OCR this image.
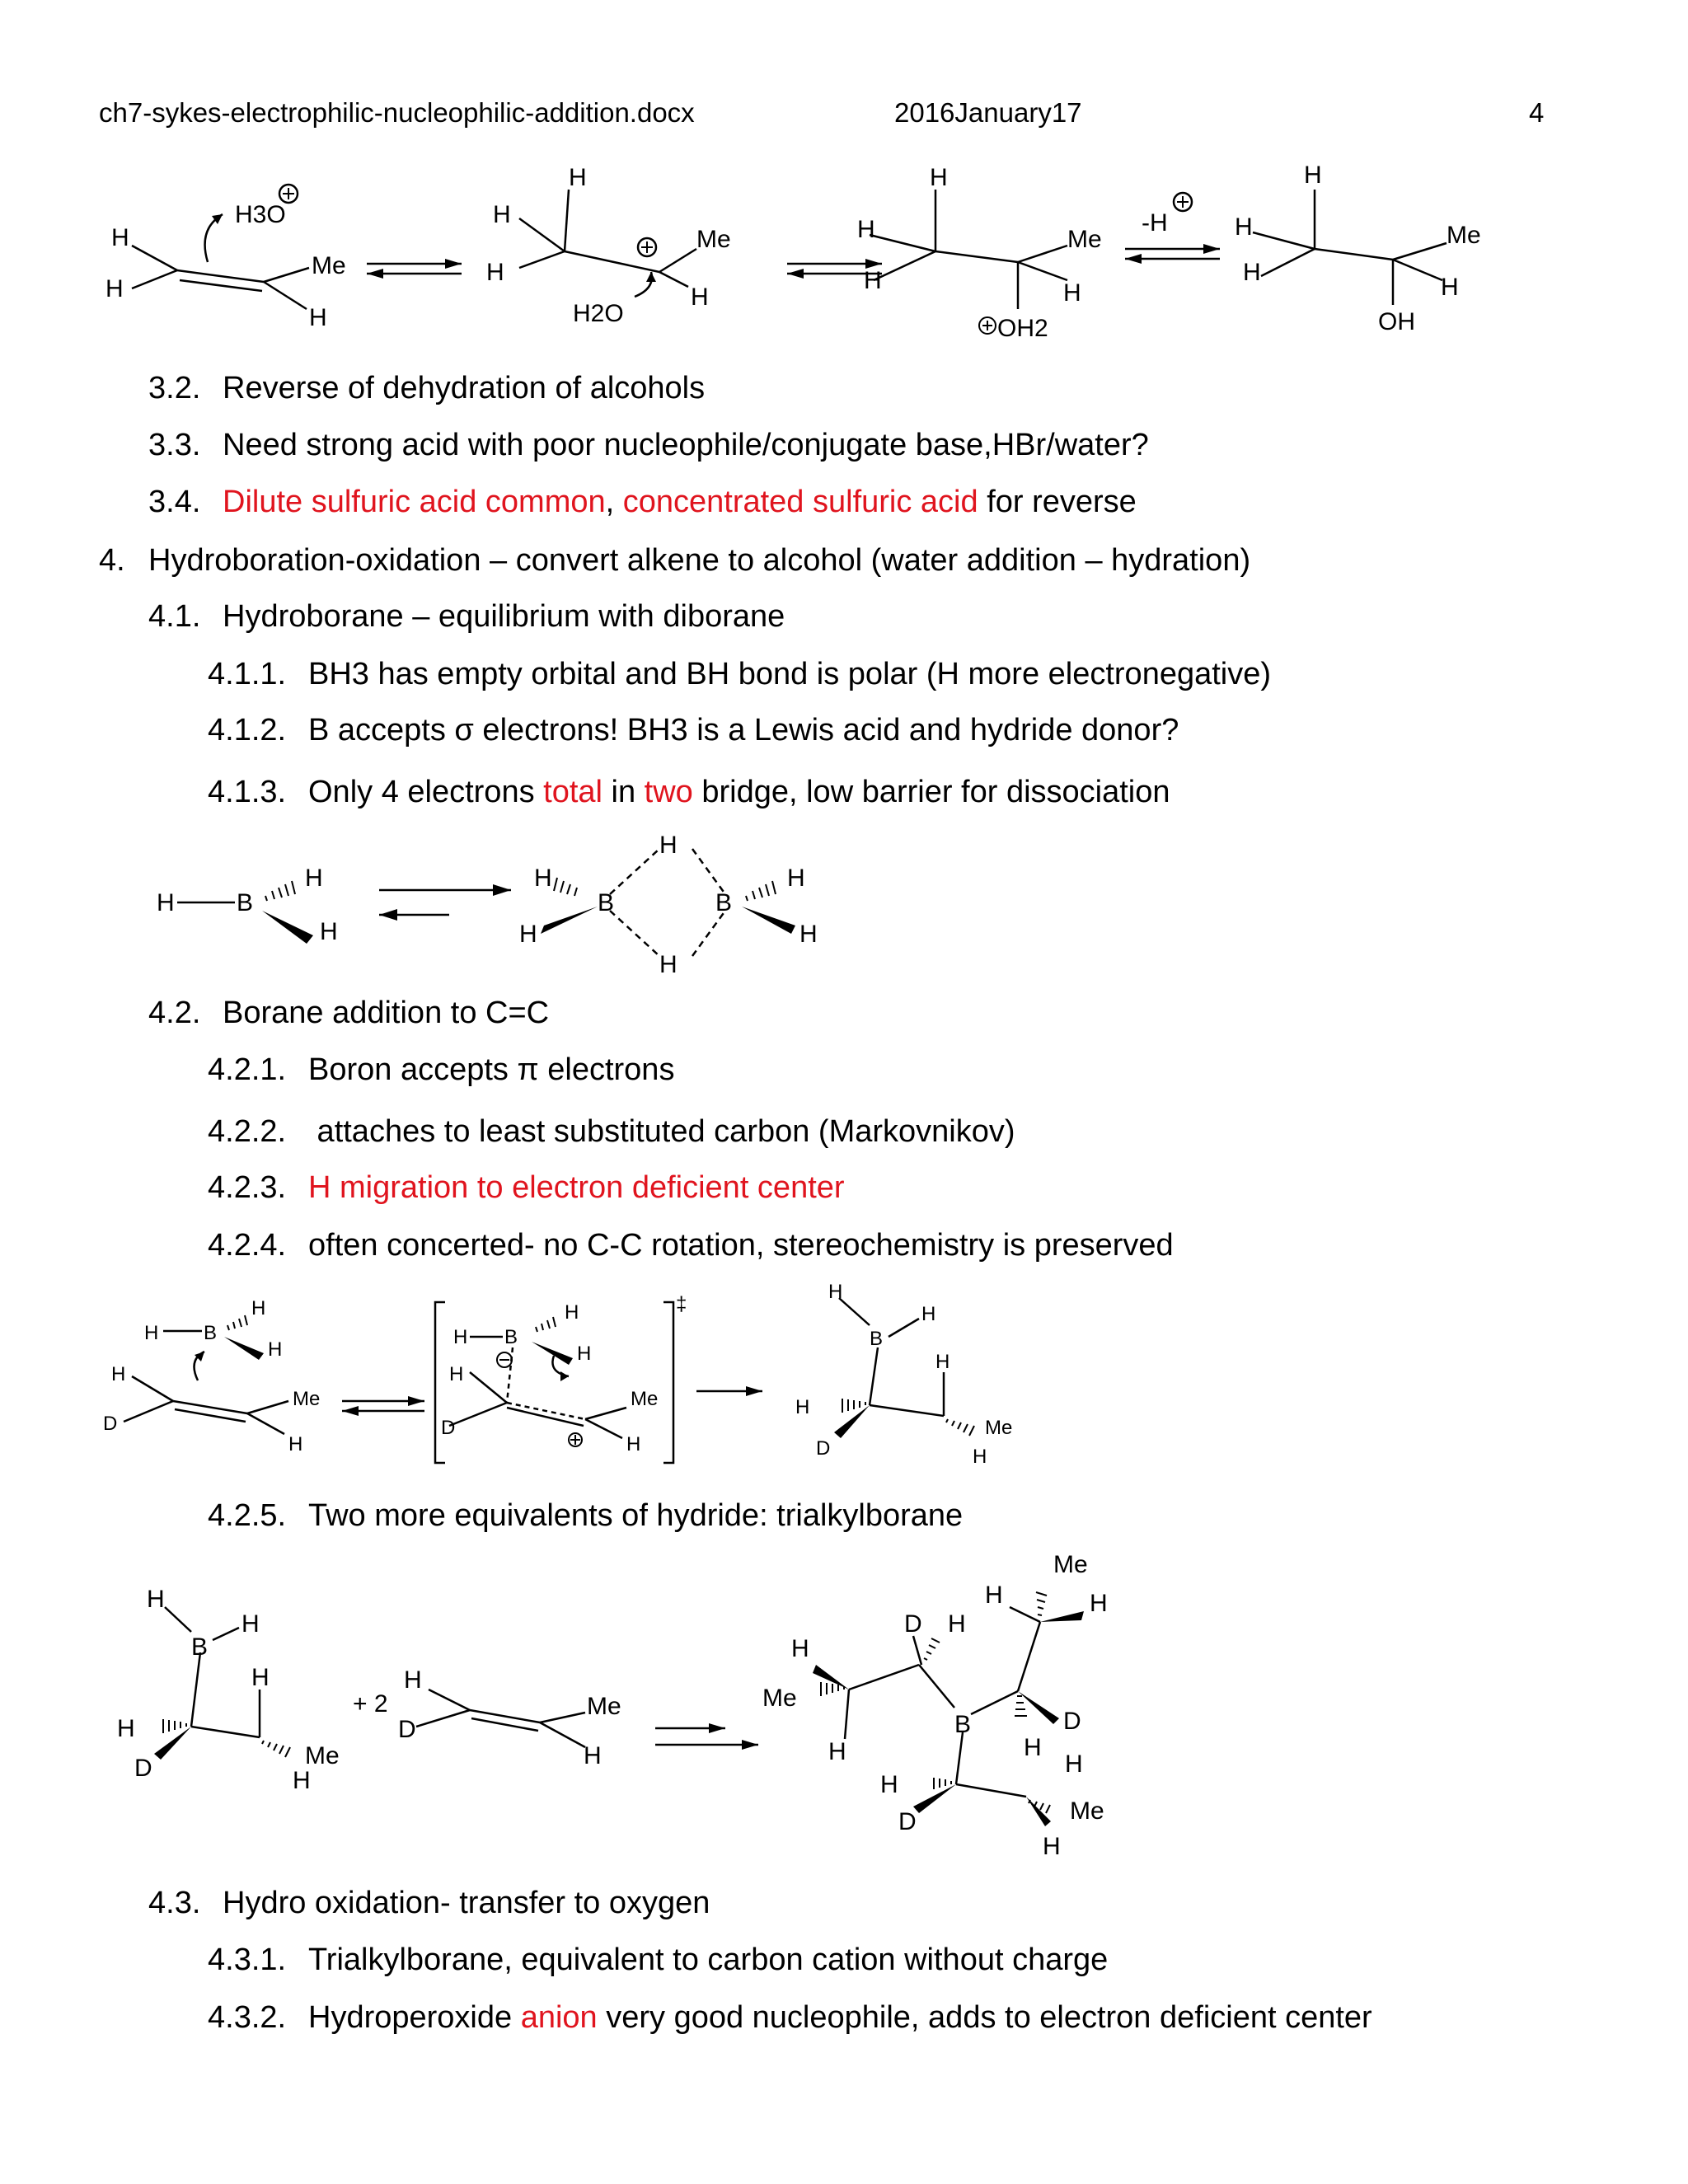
ch7-sykes-electrophilic-nucleophilic-addition.docx	2016January17	4
H
H
H3O
Me
H
H
H
H
Me
H
H2O
H
H
H
Me
H
OH2
-H
H
H
H
Me
H
OH
3.2. Reverse of dehydration of alcohols
3.3. Need strong acid with poor nucleophile/conjugate base,HBr/water?
3.4. Dilute sulfuric acid common, concentrated sulfuric acid for reverse
4. Hydroboration-oxidation – convert alkene to alcohol (water addition – hydration)
4.1. Hydroborane – equilibrium with diborane
4.1.1. BH3 has empty orbital and BH bond is polar (H more electronegative)
4.1.2. B accepts σ electrons! BH3 is a Lewis acid and hydride donor?
4.1.3. Only 4 electrons total in two bridge, low barrier for dissociation
H	B
H
H
H
H
B
H
H
B
H
H
4.2. Borane addition to C=C
4.2.1. Boron accepts π electrons
4.2.2. attaches to least substituted carbon (Markovnikov)
4.2.3. H migration to electron deficient center
4.2.4. often concerted- no C-C rotation, stereochemistry is preserved
H B
H
H
H
D
Me
H
H B
H
H
H
D
Me
H
‡
H
B
H
H
H
D
Me
H
4.2.5. Two more equivalents of hydride: trialkylborane
H
B
H
H
H
D	Me
H
+ 2
H
D
Me
H
H
Me
H
D H
B
H
Me
H
D
H
H
D
H
Me
H
4.3. Hydro oxidation- transfer to oxygen
4.3.1. Trialkylborane, equivalent to carbon cation without charge
4.3.2. Hydroperoxide anion very good nucleophile, adds to electron deficient center
